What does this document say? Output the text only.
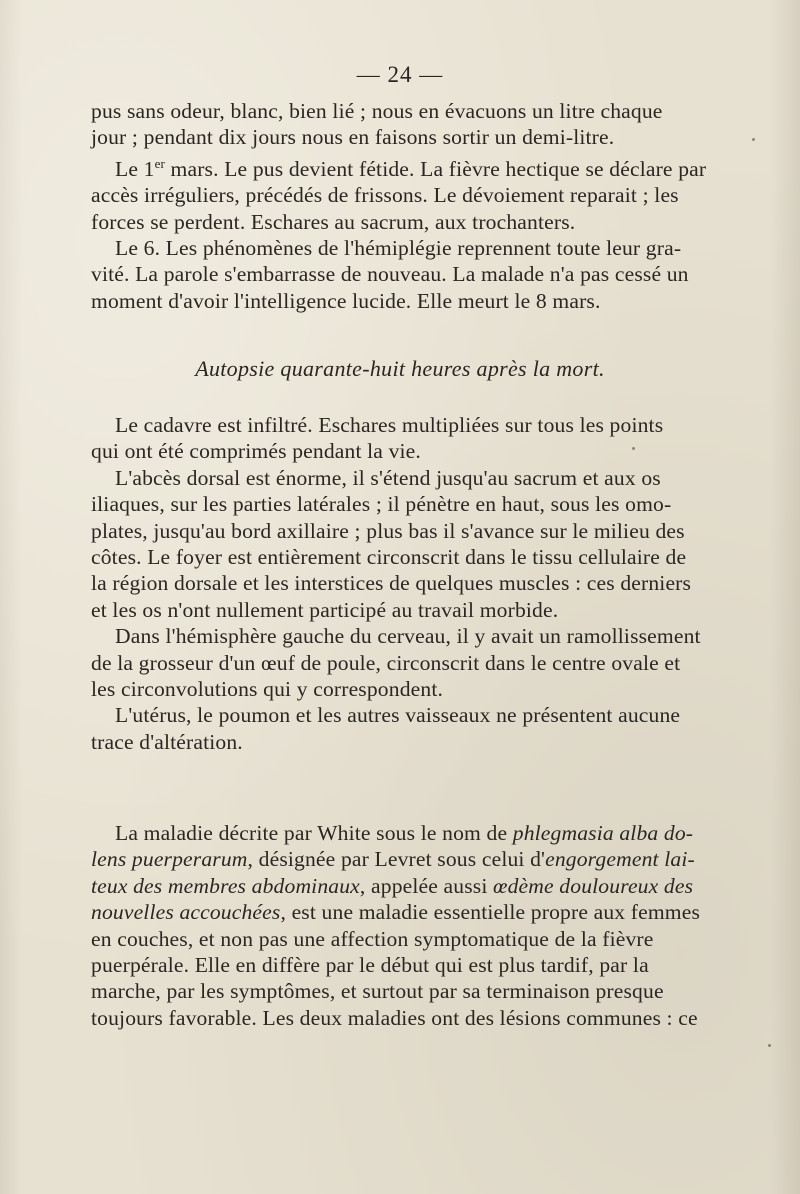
— 24 —

pus sans odeur, blanc, bien lié ; nous en évacuons un litre chaque
jour ; pendant dix jours nous en faisons sortir un demi-litre.

Le 1er mars. Le pus devient fétide. La fièvre hectique se déclare par
accès irréguliers, précédés de frissons. Le dévoiement reparait ; les
forces se perdent. Eschares au sacrum, aux trochanters.

Le 6. Les phénomènes de l'hémiplégie reprennent toute leur gra-
vité. La parole s'embarrasse de nouveau. La malade n'a pas cessé un
moment d'avoir l'intelligence lucide. Elle meurt le 8 mars.

Autopsie quarante-huit heures après la mort.

Le cadavre est infiltré. Eschares multipliées sur tous les points
qui ont été comprimés pendant la vie.

L'abcès dorsal est énorme, il s'étend jusqu'au sacrum et aux os
iliaques, sur les parties latérales ; il pénètre en haut, sous les omo-
plates, jusqu'au bord axillaire ; plus bas il s'avance sur le milieu des
côtes. Le foyer est entièrement circonscrit dans le tissu cellulaire de
la région dorsale et les interstices de quelques muscles : ces derniers
et les os n'ont nullement participé au travail morbide.

Dans l'hémisphère gauche du cerveau, il y avait un ramollissement
de la grosseur d'un œuf de poule, circonscrit dans le centre ovale et
les circonvolutions qui y correspondent.

L'utérus, le poumon et les autres vaisseaux ne présentent aucune
trace d'altération.

La maladie décrite par White sous le nom de phlegmasia alba do-
lens puerperarum, désignée par Levret sous celui d'engorgement lai-
teux des membres abdominaux, appelée aussi œdème douloureux des
nouvelles accouchées, est une maladie essentielle propre aux femmes
en couches, et non pas une affection symptomatique de la fièvre
puerpérale. Elle en diffère par le début qui est plus tardif, par la
marche, par les symptômes, et surtout par sa terminaison presque
toujours favorable. Les deux maladies ont des lésions communes : ce
